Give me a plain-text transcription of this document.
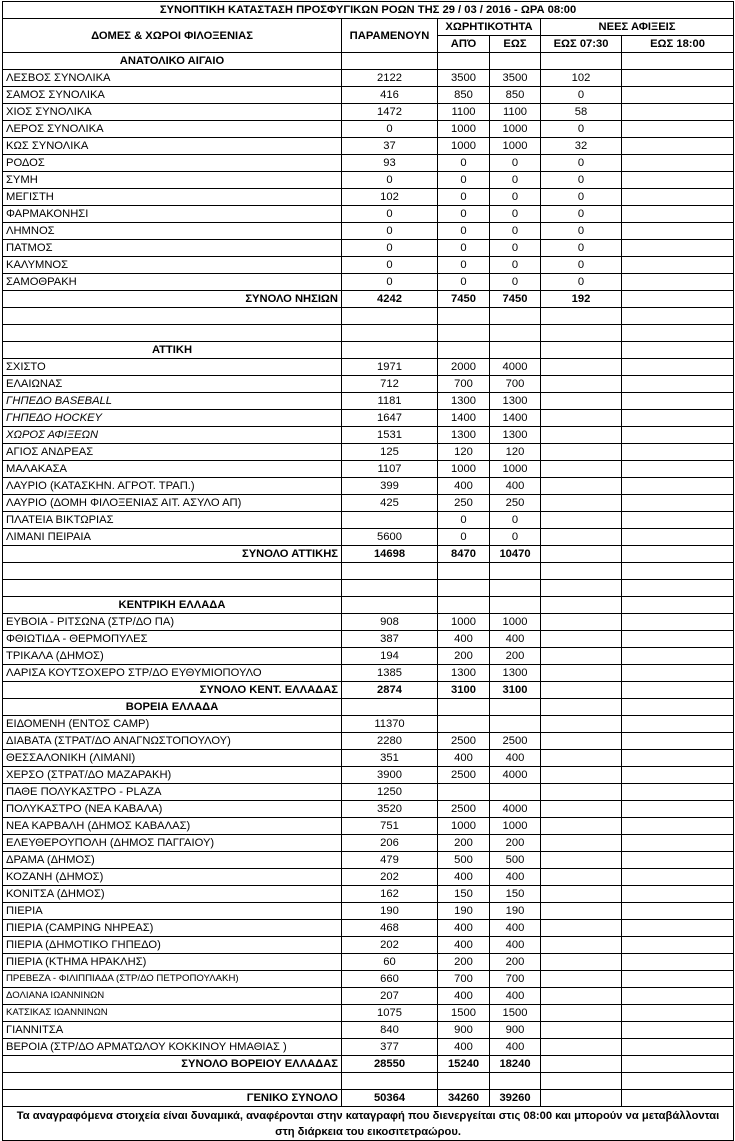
ΣΥΝΟΠΤΙΚΗ ΚΑΤΑΣΤΑΣΗ ΠΡΟΣΦΥΓΙΚΩΝ ΡΟΩΝ ΤΗΣ 29 / 03 / 2016 - ΩΡΑ 08:00					
ΔΟΜΕΣ & ΧΩΡΟΙ ΦΙΛΟΞΕΝΙΑΣ	ΠΑΡΑΜΕΝΟΥΝ	ΧΩΡΗΤΙΚΟΤΗΤΑ		ΝΕΕΣ ΑΦΙΞΕΙΣ	
		ΑΠΌ	ΕΩΣ	ΕΩΣ 07:30	ΕΩΣ 18:00
ΑΝΑΤΟΛΙΚΟ ΑΙΓΑΙΟ					
ΛΕΣΒΟΣ ΣΥΝΟΛΙΚΑ	2122	3500	3500	102	
ΣΑΜΟΣ ΣΥΝΟΛΙΚΑ	416	850	850	0	
ΧΙΟΣ ΣΥΝΟΛΙΚΑ	1472	1100	1100	58	
ΛΕΡΟΣ ΣΥΝΟΛΙΚΑ	0	1000	1000	0	
ΚΩΣ ΣΥΝΟΛΙΚΑ	37	1000	1000	32	
ΡΟΔΟΣ	93	0	0	0	
ΣΥΜΗ	0	0	0	0	
ΜΕΓΙΣΤΗ	102	0	0	0	
ΦΑΡΜΑΚΟΝΗΣΙ	0	0	0	0	
ΛΗΜΝΟΣ	0	0	0	0	
ΠΑΤΜΟΣ	0	0	0	0	
ΚΑΛΥΜΝΟΣ	0	0	0	0	
ΣΑΜΟΘΡΑΚΗ	0	0	0	0	
ΣΥΝΟΛΟ ΝΗΣΙΩΝ	4242	7450	7450	192	

ΑΤΤΙΚΗ					
ΣΧΙΣΤΟ	1971	2000	4000		
ΕΛΑΙΩΝΑΣ	712	700	700		
ΓΗΠΕΔΟ BASEBALL	1181	1300	1300		
ΓΗΠΕΔΟ HOCKEY	1647	1400	1400		
ΧΩΡΟΣ ΑΦΙΞΕΩΝ	1531	1300	1300		
ΑΓΙΟΣ ΑΝΔΡΕΑΣ	125	120	120		
ΜΑΛΑΚΑΣΑ	1107	1000	1000		
ΛΑΥΡΙΟ (ΚΑΤΑΣΚΗΝ. ΑΓΡΟΤ. ΤΡΑΠ.)	399	400	400		
ΛΑΥΡΙΟ (ΔΟΜΗ ΦΙΛΟΞΕΝΙΑΣ ΑΙΤ. ΑΣΥΛΟ ΑΠ)	425	250	250		
ΠΛΑΤΕΙΑ ΒΙΚΤΩΡΙΑΣ		0	0		
ΛΙΜΑΝΙ ΠΕΙΡΑΙΑ	5600	0	0		
ΣΥΝΟΛΟ ΑΤΤΙΚΗΣ	14698	8470	10470		

ΚΕΝΤΡΙΚΗ ΕΛΛΑΔΑ					
ΕΥΒΟΙΑ - ΡΙΤΣΩΝΑ (ΣΤΡ/ΔΟ ΠΑ)	908	1000	1000		
ΦΘΙΩΤΙΔΑ - ΘΕΡΜΟΠΥΛΕΣ	387	400	400		
ΤΡΙΚΑΛΑ (ΔΗΜΟΣ)	194	200	200		
ΛΑΡΙΣΑ ΚΟΥΤΣΟΧΕΡΟ ΣΤΡ/ΔΟ ΕΥΘΥΜΙΟΠΟΥΛΟ	1385	1300	1300		
ΣΥΝΟΛΟ ΚΕΝΤ. ΕΛΛΑΔΑΣ	2874	3100	3100		
ΒΟΡΕΙΑ ΕΛΛΑΔΑ					
ΕΙΔΟΜΕΝΗ (ΕΝΤΟΣ CAMP)	11370				
ΔΙΑΒΑΤΑ (ΣΤΡΑΤ/ΔΟ ΑΝΑΓΝΩΣΤΟΠΟΥΛΟΥ)	2280	2500	2500		
ΘΕΣΣΑΛΟΝΙΚΗ (ΛΙΜΑΝΙ)	351	400	400		
ΧΕΡΣΟ (ΣΤΡΑΤ/ΔΟ ΜΑΖΑΡΑΚΗ)	3900	2500	4000		
ΠΑΘΕ ΠΟΛΥΚΑΣΤΡΟ - PLAZA	1250				
ΠΟΛΥΚΑΣΤΡΟ (ΝΕΑ ΚΑΒΑΛΑ)	3520	2500	4000		
ΝΕΑ ΚΑΡΒΑΛΗ (ΔΗΜΟΣ ΚΑΒΑΛΑΣ)	751	1000	1000		
ΕΛΕΥΘΕΡΟΥΠΟΛΗ (ΔΗΜΟΣ ΠΑΓΓΑΙΟΥ)	206	200	200		
ΔΡΑΜΑ (ΔΗΜΟΣ)	479	500	500		
ΚΟΖΑΝΗ (ΔΗΜΟΣ)	202	400	400		
ΚΟΝΙΤΣΑ (ΔΗΜΟΣ)	162	150	150		
ΠΙΕΡΙΑ	190	190	190		
ΠΙΕΡΙΑ (CAMPING ΝΗΡΕΑΣ)	468	400	400		
ΠΙΕΡΙΑ (ΔΗΜΟΤΙΚΟ ΓΗΠΕΔΟ)	202	400	400		
ΠΙΕΡΙΑ (ΚΤΗΜΑ ΗΡΑΚΛΗΣ)	60	200	200		
ΠΡΕΒΕΖΑ - ΦΙΛΙΠΠΙΑΔΑ (ΣΤΡ/ΔΟ ΠΕΤΡΟΠΟΥΛΑΚΗ)	660	700	700		
ΔΟΛΙΑΝΑ ΙΩΑΝΝΙΝΩΝ	207	400	400		
ΚΑΤΣΙΚΑΣ ΙΩΑΝΝΙΝΩΝ	1075	1500	1500		
ΓΙΑΝΝΙΤΣΑ	840	900	900		
ΒΕΡΟΙΑ (ΣΤΡ/ΔΟ ΑΡΜΑΤΩΛΟΥ ΚΟΚΚΙΝΟΥ ΗΜΑΘΙΑΣ )	377	400	400		
ΣΥΝΟΛΟ ΒΟΡΕΙΟΥ ΕΛΛΑΔΑΣ	28550	15240	18240		

ΓΕΝΙΚΟ ΣΥΝΟΛΟ	50364	34260	39260		
Τα αναγραφόμενα στοιχεία είναι δυναμικά, αναφέρονται στην καταγραφή που διενεργείται στις 08:00 και μπορούν να μεταβάλλονται στη διάρκεια του εικοσιτετραώρου.					
